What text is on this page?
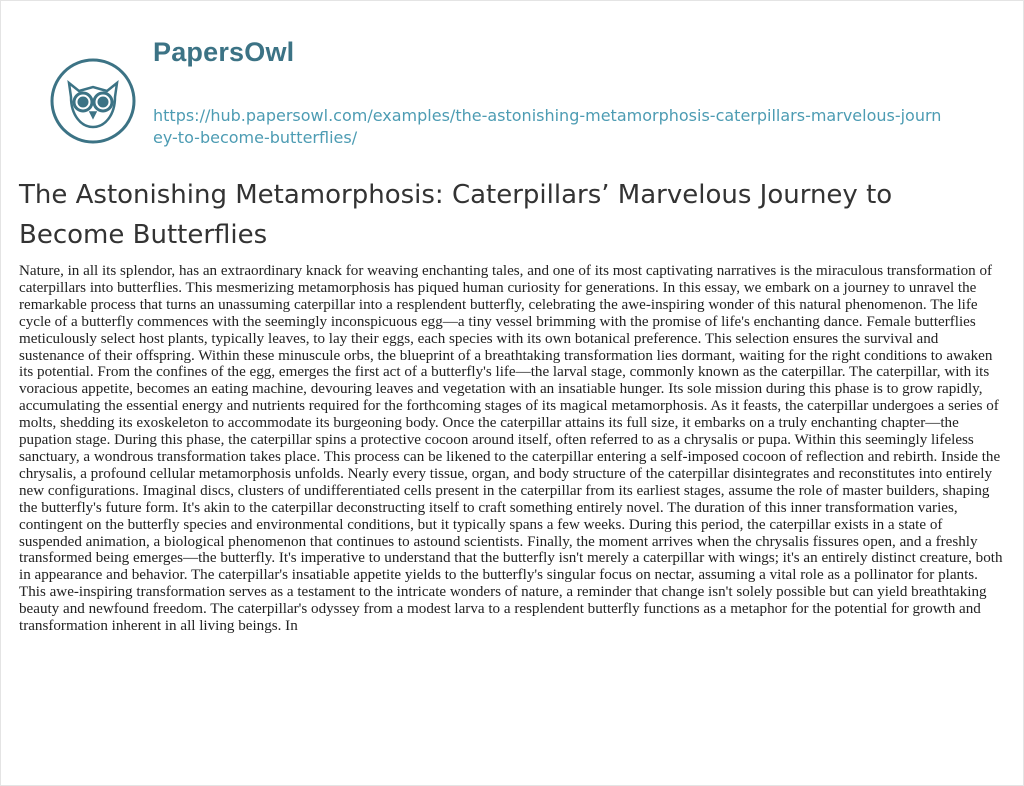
PapersOwl
https://hub.papersowl.com/examples/the-astonishing-metamorphosis-caterpillars-marvelous-journey-to-become-butterflies/
The Astonishing Metamorphosis: Caterpillars’ Marvelous Journey to Become Butterflies

Nature, in all its splendor, has an extraordinary knack for weaving enchanting tales, and one of its most captivating narratives is the miraculous transformation of caterpillars into butterflies. This mesmerizing metamorphosis has piqued human curiosity for generations. In this essay, we embark on a journey to unravel the remarkable process that turns an unassuming caterpillar into a resplendent butterfly, celebrating the awe-inspiring wonder of this natural phenomenon. The life cycle of a butterfly commences with the seemingly inconspicuous egg—a tiny vessel brimming with the promise of life's enchanting dance. Female butterflies meticulously select host plants, typically leaves, to lay their eggs, each species with its own botanical preference. This selection ensures the survival and sustenance of their offspring. Within these minuscule orbs, the blueprint of a breathtaking transformation lies dormant, waiting for the right conditions to awaken its potential. From the confines of the egg, emerges the first act of a butterfly's life—the larval stage, commonly known as the caterpillar. The caterpillar, with its voracious appetite, becomes an eating machine, devouring leaves and vegetation with an insatiable hunger. Its sole mission during this phase is to grow rapidly, accumulating the essential energy and nutrients required for the forthcoming stages of its magical metamorphosis. As it feasts, the caterpillar undergoes a series of molts, shedding its exoskeleton to accommodate its burgeoning body. Once the caterpillar attains its full size, it embarks on a truly enchanting chapter—the pupation stage. During this phase, the caterpillar spins a protective cocoon around itself, often referred to as a chrysalis or pupa. Within this seemingly lifeless sanctuary, a wondrous transformation takes place. This process can be likened to the caterpillar entering a self-imposed cocoon of reflection and rebirth. Inside the chrysalis, a profound cellular metamorphosis unfolds. Nearly every tissue, organ, and body structure of the caterpillar disintegrates and reconstitutes into entirely new configurations. Imaginal discs, clusters of undifferentiated cells present in the caterpillar from its earliest stages, assume the role of master builders, shaping the butterfly's future form. It's akin to the caterpillar deconstructing itself to craft something entirely novel. The duration of this inner transformation varies, contingent on the butterfly species and environmental conditions, but it typically spans a few weeks. During this period, the caterpillar exists in a state of suspended animation, a biological phenomenon that continues to astound scientists. Finally, the moment arrives when the chrysalis fissures open, and a freshly transformed being emerges—the butterfly. It's imperative to understand that the butterfly isn't merely a caterpillar with wings; it's an entirely distinct creature, both in appearance and behavior. The caterpillar's insatiable appetite yields to the butterfly's singular focus on nectar, assuming a vital role as a pollinator for plants. This awe-inspiring transformation serves as a testament to the intricate wonders of nature, a reminder that change isn't solely possible but can yield breathtaking beauty and newfound freedom. The caterpillar's odyssey from a modest larva to a resplendent butterfly functions as a metaphor for the potential for growth and transformation inherent in all living beings. In
